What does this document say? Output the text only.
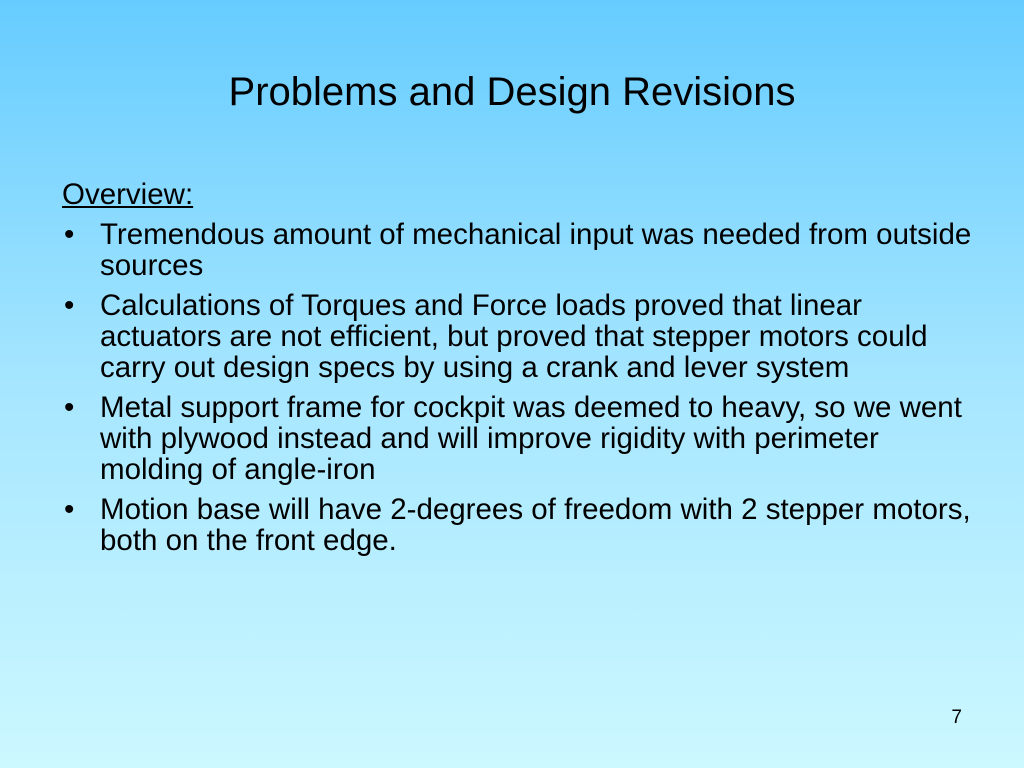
Problems and Design Revisions
Overview:
• Tremendous amount of mechanical input was needed from outside sources
• Calculations of Torques and Force loads proved that linear actuators are not efficient, but proved that stepper motors could carry out design specs by using a crank and lever system
• Metal support frame for cockpit was deemed to heavy, so we went with plywood instead and will improve rigidity with perimeter molding of angle-iron
• Motion base will have 2-degrees of freedom with 2 stepper motors, both on the front edge.
7
